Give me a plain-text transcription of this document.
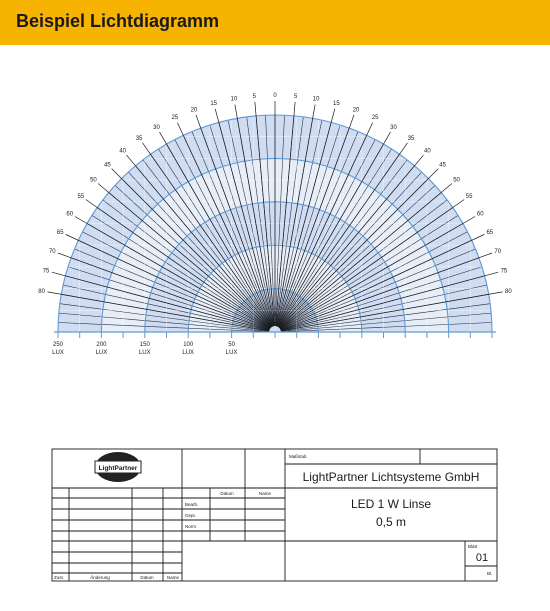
Beispiel Lichtdiagramm
80
75
70
65
60
55
50
45
40
35
30
25
20
15
10	5	0	5	10
15
20
25
30
35
40
45
50
55
60
65
70
75
80
250
LUX
200
LUX
150
LUX
100
LUX
50
LUX
LightPartner
Maßstab
LightPartner Lichtsysteme GmbH
LED 1 W Linse
0,5 m
Datum	Name
Bearb.
Gepr.
Norm
Blatt
01
Bl.
Zust.	Änderung	Datum	Name
